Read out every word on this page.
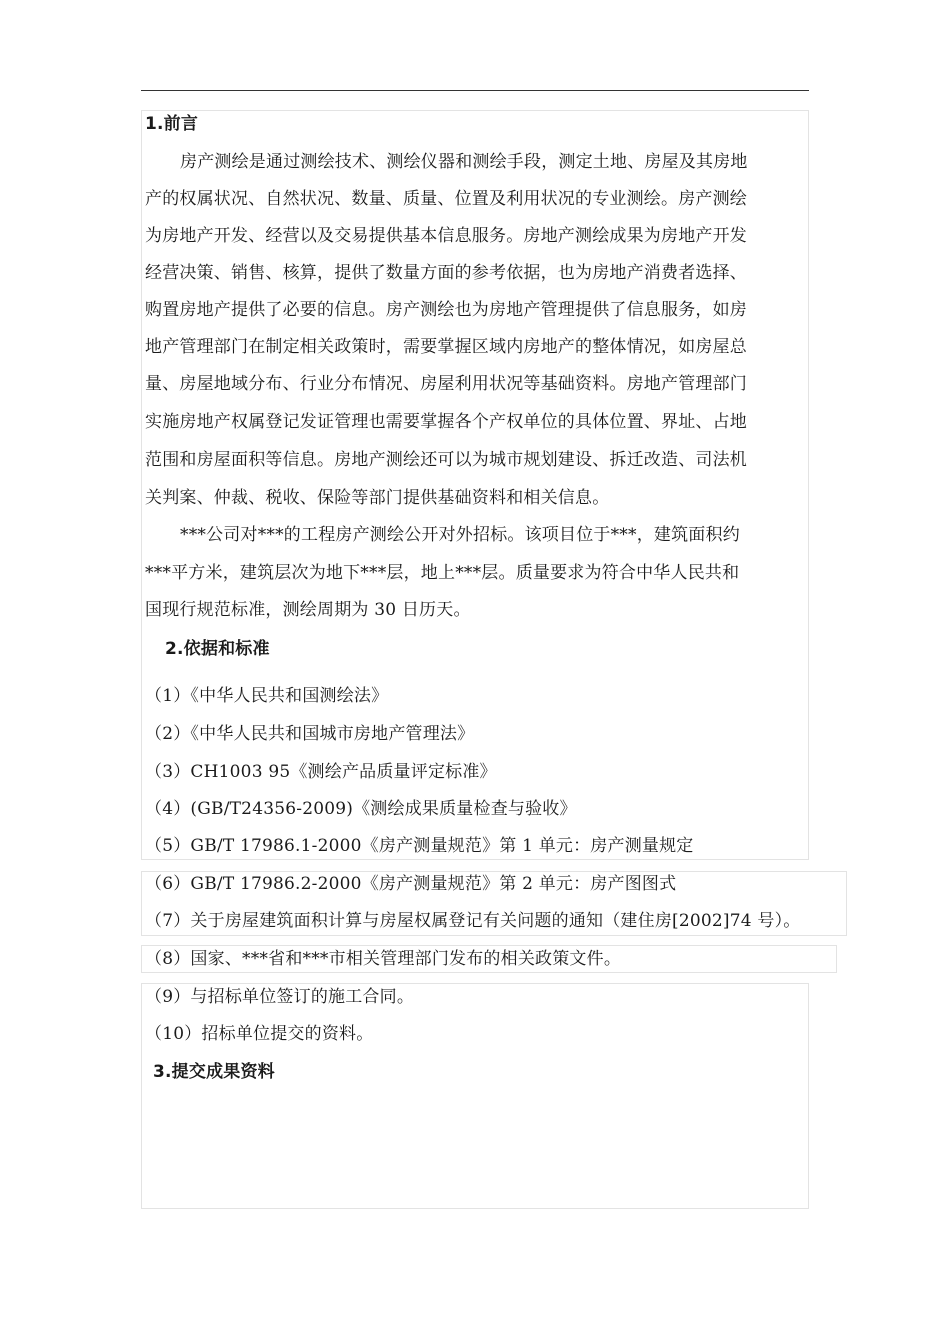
1.前言
房产测绘是通过测绘技术、测绘仪器和测绘手段，测定土地、房屋及其房地
产的权属状况、自然状况、数量、质量、位置及利用状况的专业测绘。房产测绘
为房地产开发、经营以及交易提供基本信息服务。房地产测绘成果为房地产开发
经营决策、销售、核算，提供了数量方面的参考依据，也为房地产消费者选择、
购置房地产提供了必要的信息。房产测绘也为房地产管理提供了信息服务，如房
地产管理部门在制定相关政策时，需要掌握区域内房地产的整体情况，如房屋总
量、房屋地域分布、行业分布情况、房屋利用状况等基础资料。房地产管理部门
实施房地产权属登记发证管理也需要掌握各个产权单位的具体位置、界址、占地
范围和房屋面积等信息。房地产测绘还可以为城市规划建设、拆迁改造、司法机
关判案、仲裁、税收、保险等部门提供基础资料和相关信息。
***公司对***的工程房产测绘公开对外招标。该项目位于***，建筑面积约
***平方米，建筑层次为地下***层，地上***层。质量要求为符合中华人民共和
国现行规范标准，测绘周期为 30 日历天。
2.依据和标准
（1）《中华人民共和国测绘法》
（2）《中华人民共和国城市房地产管理法》
（3）CH1003 95《测绘产品质量评定标准》
（4）(GB/T24356-2009)《测绘成果质量检查与验收》
（5）GB/T 17986.1-2000《房产测量规范》第 1 单元：房产测量规定
（6）GB/T 17986.2-2000《房产测量规范》第 2 单元：房产图图式
（7）关于房屋建筑面积计算与房屋权属登记有关问题的通知（建住房[2002]74 号）。
（8）国家、***省和***市相关管理部门发布的相关政策文件。
（9）与招标单位签订的施工合同。
（10）招标单位提交的资料。
3.提交成果资料
